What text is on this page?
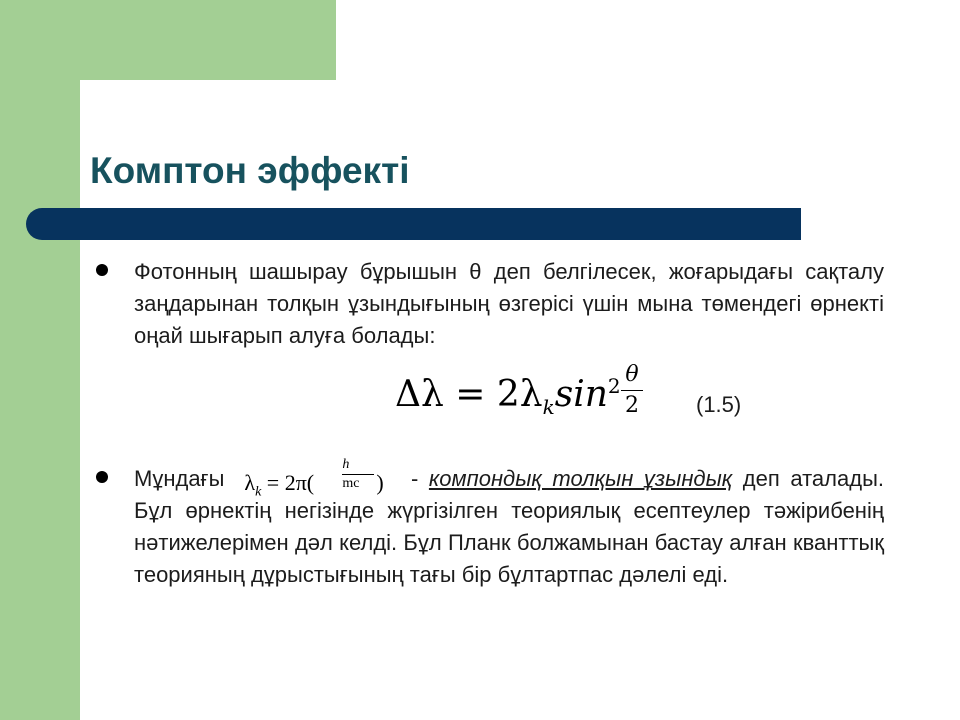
Комптон эффекті

Фотонның шашырау бұрышын θ деп белгілесек, жоғарыдағы сақталу заңдарынан толқын ұзындығының өзгерісі үшін мына төмендегі өрнекті оңай шығарып алуға болады:

$\Delta\lambda = 2\lambda_k\sin^2$ θ
2	(1.5)

Мұндағы $\lambda_k = 2\pi$(
h
mc ) - компондық толқын ұзындық деп аталады. Бұл өрнектің негізінде жүргізілген теориялық есептеулер тәжірибенің нәтижелерімен дәл келді. Бұл Планк болжамынан бастау алған кванттық теорияның дұрыстығының тағы бір бұлтартпас дәлелі еді.
